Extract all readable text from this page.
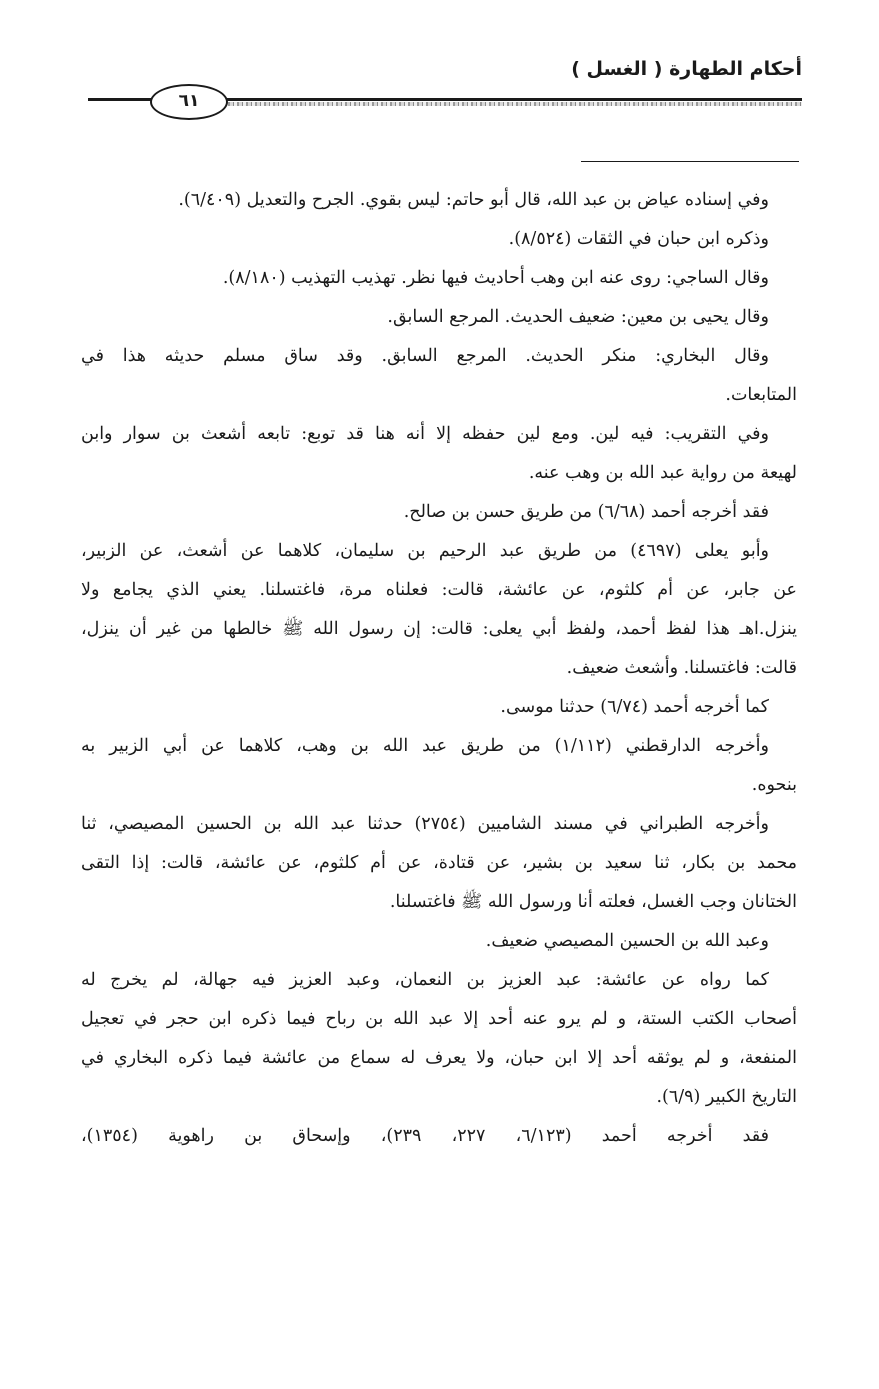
أحكام الطهارة ( الغسل )
٦١
وفي إسناده عياض بن عبد الله، قال أبو حاتم: ليس بقوي. الجرح والتعديل (٦/٤٠٩).
وذكره ابن حبان في الثقات (٨/٥٢٤).
وقال الساجي: روى عنه ابن وهب أحاديث فيها نظر. تهذيب التهذيب (٨/١٨٠).
وقال يحيى بن معين: ضعيف الحديث. المرجع السابق.
وقال البخاري: منكر الحديث. المرجع السابق. وقد ساق مسلم حديثه هذا في
المتابعات.
وفي التقريب: فيه لين. ومع لين حفظه إلا أنه هنا قد توبع: تابعه أشعث بن سوار وابن
لهيعة من رواية عبد الله بن وهب عنه.
فقد أخرجه أحمد (٦/٦٨) من طريق حسن بن صالح.
وأبو يعلى (٤٦٩٧) من طريق عبد الرحيم بن سليمان، كلاهما عن أشعث، عن الزبير،
عن جابر، عن أم كلثوم، عن عائشة، قالت: فعلناه مرة، فاغتسلنا. يعني الذي يجامع ولا
ينزل.اهـ هذا لفظ أحمد، ولفظ أبي يعلى: قالت: إن رسول الله ﷺ خالطها من غير أن ينزل،
قالت: فاغتسلنا. وأشعث ضعيف.
كما أخرجه أحمد (٦/٧٤) حدثنا موسى.
وأخرجه الدارقطني (١/١١٢) من طريق عبد الله بن وهب، كلاهما عن أبي الزبير به
بنحوه.
وأخرجه الطبراني في مسند الشاميين (٢٧٥٤) حدثنا عبد الله بن الحسين المصيصي، ثنا
محمد بن بكار، ثنا سعيد بن بشير، عن قتادة، عن أم كلثوم، عن عائشة، قالت: إذا التقى
الختانان وجب الغسل، فعلته أنا ورسول الله ﷺ فاغتسلنا.
وعبد الله بن الحسين المصيصي ضعيف.
كما رواه عن عائشة: عبد العزيز بن النعمان، وعبد العزيز فيه جهالة، لم يخرج له
أصحاب الكتب الستة، و لم يرو عنه أحد إلا عبد الله بن رباح فيما ذكره ابن حجر في تعجيل
المنفعة، و لم يوثقه أحد إلا ابن حبان، ولا يعرف له سماع من عائشة فيما ذكره البخاري في
التاريخ الكبير (٦/٩).
فقد أخرجه أحمد (٦/١٢٣، ٢٢٧، ٢٣٩)، وإسحاق بن راهوية (١٣٥٤)،
